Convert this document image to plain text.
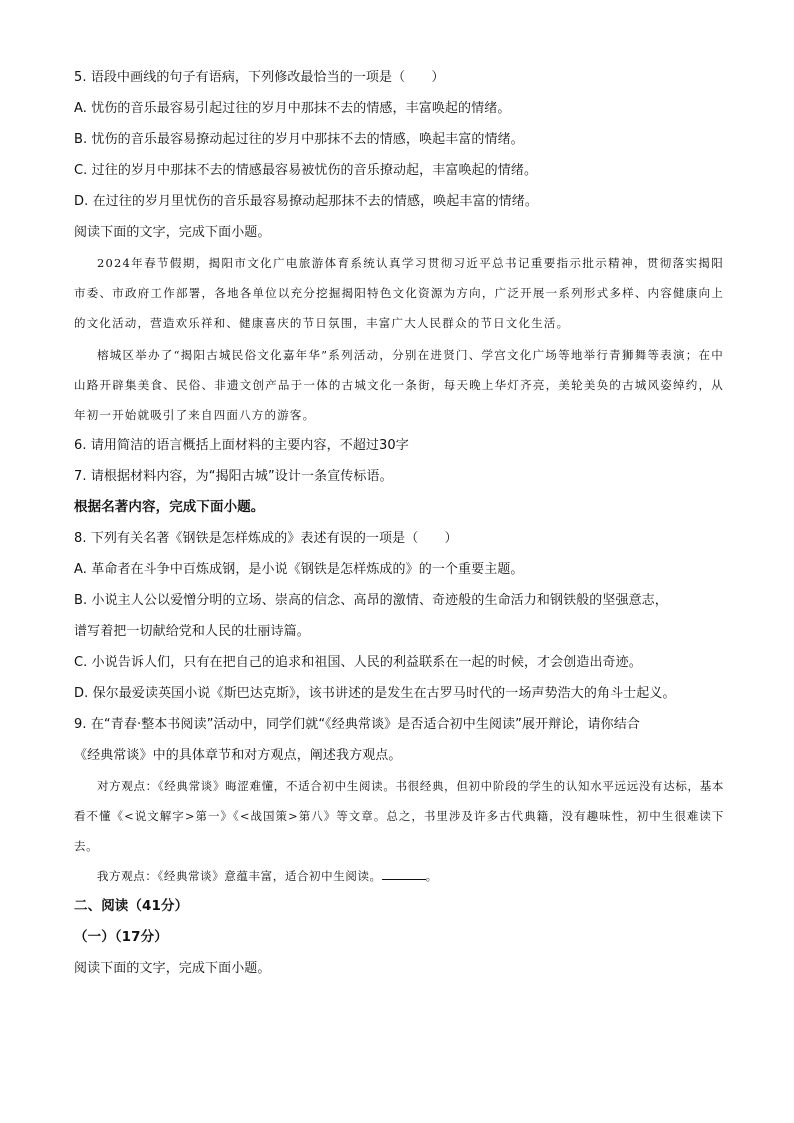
5. 语段中画线的句子有语病，下列修改最恰当的一项是（　　）
A. 忧伤的音乐最容易引起过往的岁月中那抹不去的情感，丰富唤起的情绪。
B. 忧伤的音乐最容易撩动起过往的岁月中那抹不去的情感，唤起丰富的情绪。
C. 过往的岁月中那抹不去的情感最容易被忧伤的音乐撩动起，丰富唤起的情绪。
D. 在过往的岁月里忧伤的音乐最容易撩动起那抹不去的情感，唤起丰富的情绪。
阅读下面的文字，完成下面小题。

2024年春节假期，揭阳市文化广电旅游体育系统认真学习贯彻习近平总书记重要指示批示精神，贯彻落实揭阳市委、市政府工作部署，各地各单位以充分挖掘揭阳特色文化资源为方向，广泛开展一系列形式多样、内容健康向上的文化活动，营造欢乐祥和、健康喜庆的节日氛围，丰富广大人民群众的节日文化生活。

榕城区举办了“揭阳古城民俗文化嘉年华”系列活动，分别在进贤门、学宫文化广场等地举行青狮舞等表演；在中山路开辟集美食、民俗、非遗文创产品于一体的古城文化一条街，每天晚上华灯齐亮，美轮美奂的古城风姿绰约，从年初一开始就吸引了来自四面八方的游客。

6. 请用简洁的语言概括上面材料的主要内容，不超过30字
7. 请根据材料内容，为“揭阳古城”设计一条宣传标语。
根据名著内容，完成下面小题。
8. 下列有关名著《钢铁是怎样炼成的》表述有误的一项是（　　）
A. 革命者在斗争中百炼成钢，是小说《钢铁是怎样炼成的》的一个重要主题。
B. 小说主人公以爱憎分明的立场、崇高的信念、高昂的激情、奇迹般的生命活力和钢铁般的坚强意志，
谱写着把一切献给党和人民的壮丽诗篇。
C. 小说告诉人们，只有在把自己的追求和祖国、人民的利益联系在一起的时候，才会创造出奇迹。
D. 保尔最爱读英国小说《斯巴达克斯》，该书讲述的是发生在古罗马时代的一场声势浩大的角斗士起义。
9. 在“青春·整本书阅读”活动中，同学们就“《经典常谈》是否适合初中生阅读”展开辩论，请你结合
《经典常谈》中的具体章节和对方观点，阐述我方观点。

对方观点：《经典常谈》晦涩难懂，不适合初中生阅读。书很经典，但初中阶段的学生的认知水平远远没有达标，基本看不懂《<说文解字>第一》《<战国策>第八》等文章。总之，书里涉及许多古代典籍，没有趣味性，初中生很难读下去。

我方观点：《经典常谈》意蕴丰富，适合初中生阅读。	。

二、阅读（41分）
（一）（17分）
阅读下面的文字，完成下面小题。
